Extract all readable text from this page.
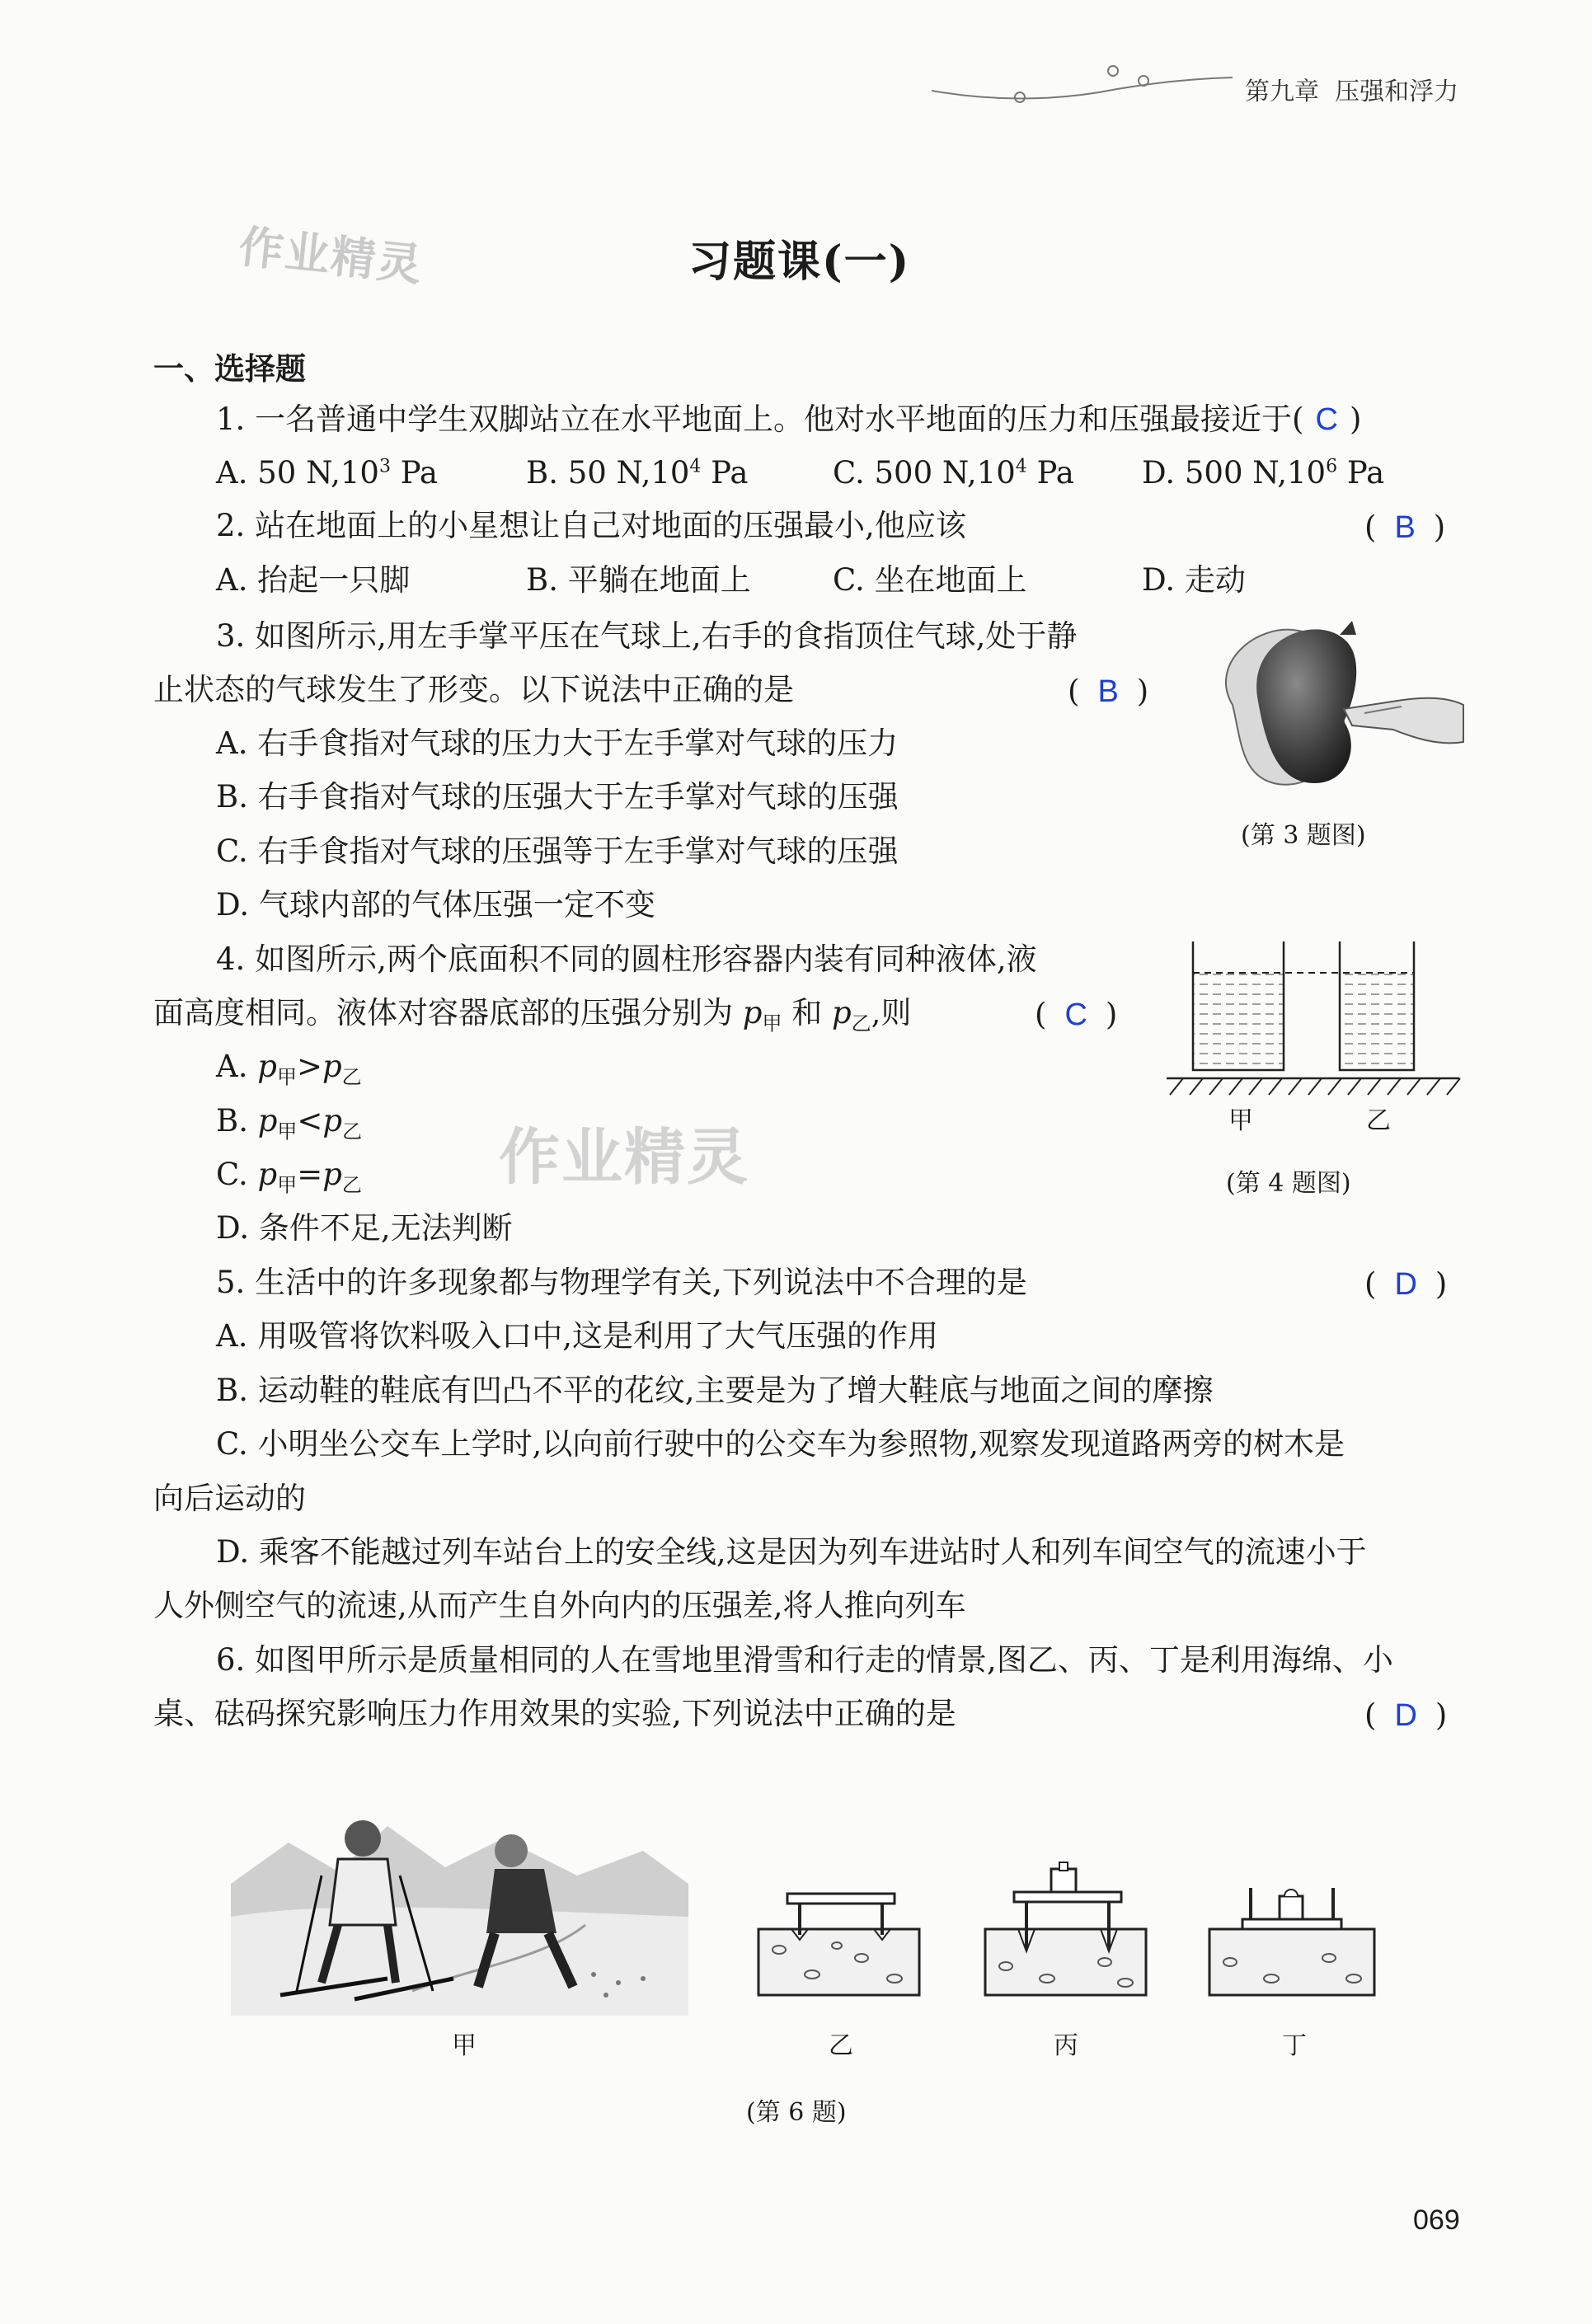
第九章 压强和浮力
作业精灵	习题课(一)
一、选择题
1. 一名普通中学生双脚站立在水平地面上。他对水平地面的压力和压强最接近于( C )
A. 50 $N,10^3$ Pa	B. 50 $N,10^4$ Pa	C. 500 $N,10^4$ Pa D. 500 $N,10^6$ Pa
2. 站在地面上的小星想让自己对地面的压强最小,他应该	( B )
A. 抬起一只脚	B. 平躺在地面上	C. 坐在地面上	D. 走动
3. 如图所示,用左手掌平压在气球上,右手的食指顶住气球,处于静
止状态的气球发生了形变。以下说法中正确的是	( B )
A. 右手食指对气球的压力大于左手掌对气球的压力
B. 右手食指对气球的压强大于左手掌对气球的压强
C. 右手食指对气球的压强等于左手掌对气球的压强
D. 气球内部的气体压强一定不变
(第 3 题图)
4. 如图所示,两个底面积不同的圆柱形容器内装有同种液体,液
面高度相同。液体对容器底部的压强分别为 $p_甲$ 和 $p_乙$,则	( C )
A. $p_甲>p_乙$
B. $p_甲<p_乙$
C. $p_甲=p_乙$
D. 条件不足,无法判断
作业精灵
甲	乙
(第 4 题图)
5. 生活中的许多现象都与物理学有关,下列说法中不合理的是	( D )
A. 用吸管将饮料吸入口中,这是利用了大气压强的作用
B. 运动鞋的鞋底有凹凸不平的花纹,主要是为了增大鞋底与地面之间的摩擦
C. 小明坐公交车上学时,以向前行驶中的公交车为参照物,观察发现道路两旁的树木是
向后运动的
D. 乘客不能越过列车站台上的安全线,这是因为列车进站时人和列车间空气的流速小于
人外侧空气的流速,从而产生自外向内的压强差,将人推向列车
6. 如图甲所示是质量相同的人在雪地里滑雪和行走的情景,图乙、丙、丁是利用海绵、小
桌、砝码探究影响压力作用效果的实验,下列说法中正确的是	( D )
甲	乙	丙	丁
(第 6 题)
069
